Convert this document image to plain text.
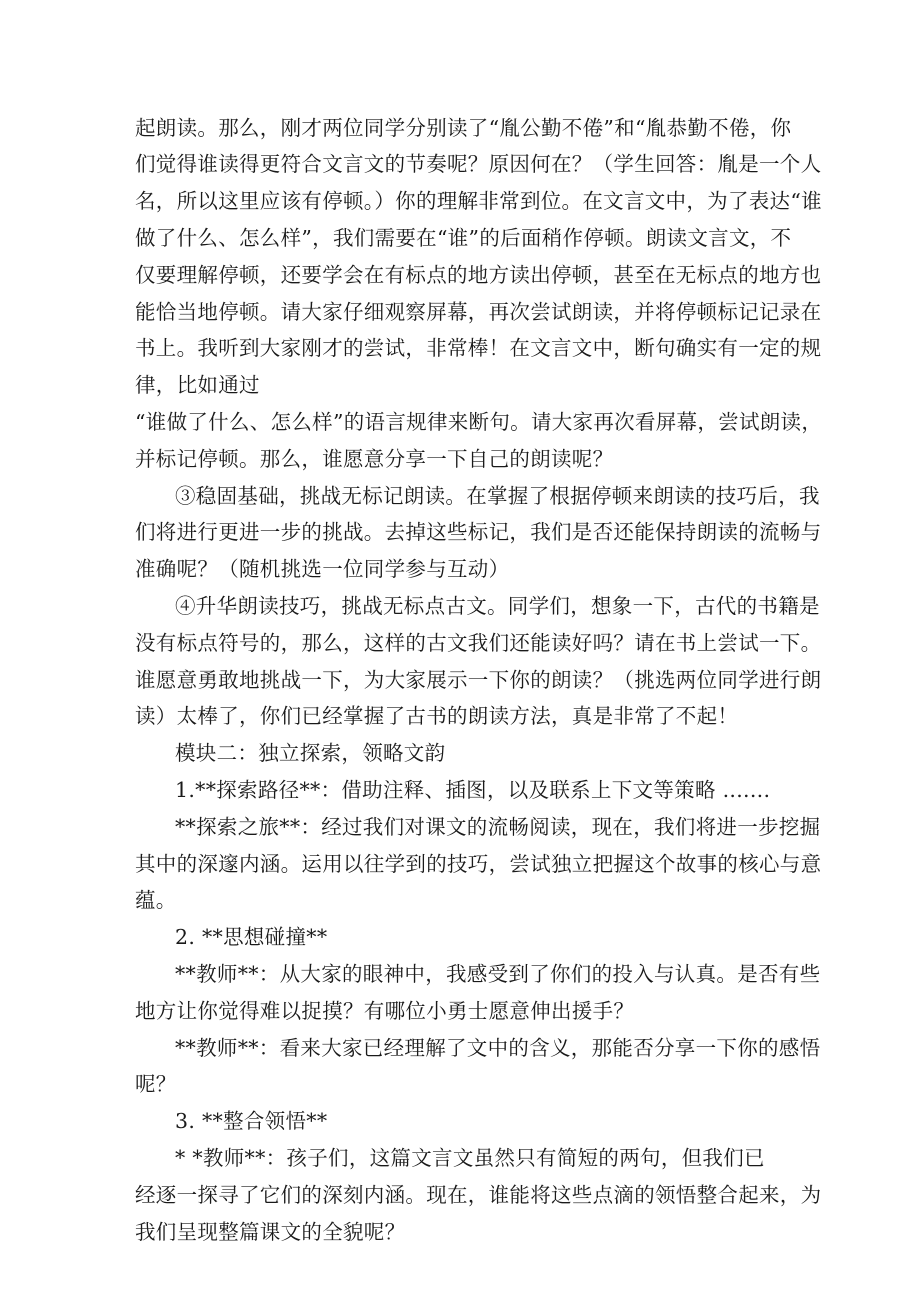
起朗读。那么，刚才两位同学分别读了“胤公勤不倦”和“胤恭勤不倦，你

们觉得谁读得更符合文言文的节奏呢？原因何在？（学生回答：胤是一个人

名，所以这里应该有停顿。）你的理解非常到位。在文言文中，为了表达“谁

做了什么、怎么样”，我们需要在“谁”的后面稍作停顿。朗读文言文，不

仅要理解停顿，还要学会在有标点的地方读出停顿，甚至在无标点的地方也

能恰当地停顿。请大家仔细观察屏幕，再次尝试朗读，并将停顿标记记录在

书上。我听到大家刚才的尝试，非常棒！在文言文中，断句确实有一定的规

律，比如通过

“谁做了什么、怎么样”的语言规律来断句。请大家再次看屏幕，尝试朗读，

并标记停顿。那么，谁愿意分享一下自己的朗读呢？

③稳固基础，挑战无标记朗读。在掌握了根据停顿来朗读的技巧后，我

们将进行更进一步的挑战。去掉这些标记，我们是否还能保持朗读的流畅与

准确呢？（随机挑选一位同学参与互动）

④升华朗读技巧，挑战无标点古文。同学们，想象一下，古代的书籍是

没有标点符号的，那么，这样的古文我们还能读好吗？请在书上尝试一下。

谁愿意勇敢地挑战一下，为大家展示一下你的朗读？（挑选两位同学进行朗

读）太棒了，你们已经掌握了古书的朗读方法，真是非常了不起！

模块二：独立探索，领略文韵

1.**探索路径**：借助注释、插图，以及联系上下文等策略 .......

**探索之旅**：经过我们对课文的流畅阅读，现在，我们将进一步挖掘

其中的深邃内涵。运用以往学到的技巧，尝试独立把握这个故事的核心与意

蕴。

2. **思想碰撞**

**教师**：从大家的眼神中，我感受到了你们的投入与认真。是否有些

地方让你觉得难以捉摸？有哪位小勇士愿意伸出援手？

**教师**：看来大家已经理解了文中的含义，那能否分享一下你的感悟

呢？

3. **整合领悟**

* *教师**：孩子们，这篇文言文虽然只有简短的两句，但我们已

经逐一探寻了它们的深刻内涵。现在，谁能将这些点滴的领悟整合起来，为

我们呈现整篇课文的全貌呢？
